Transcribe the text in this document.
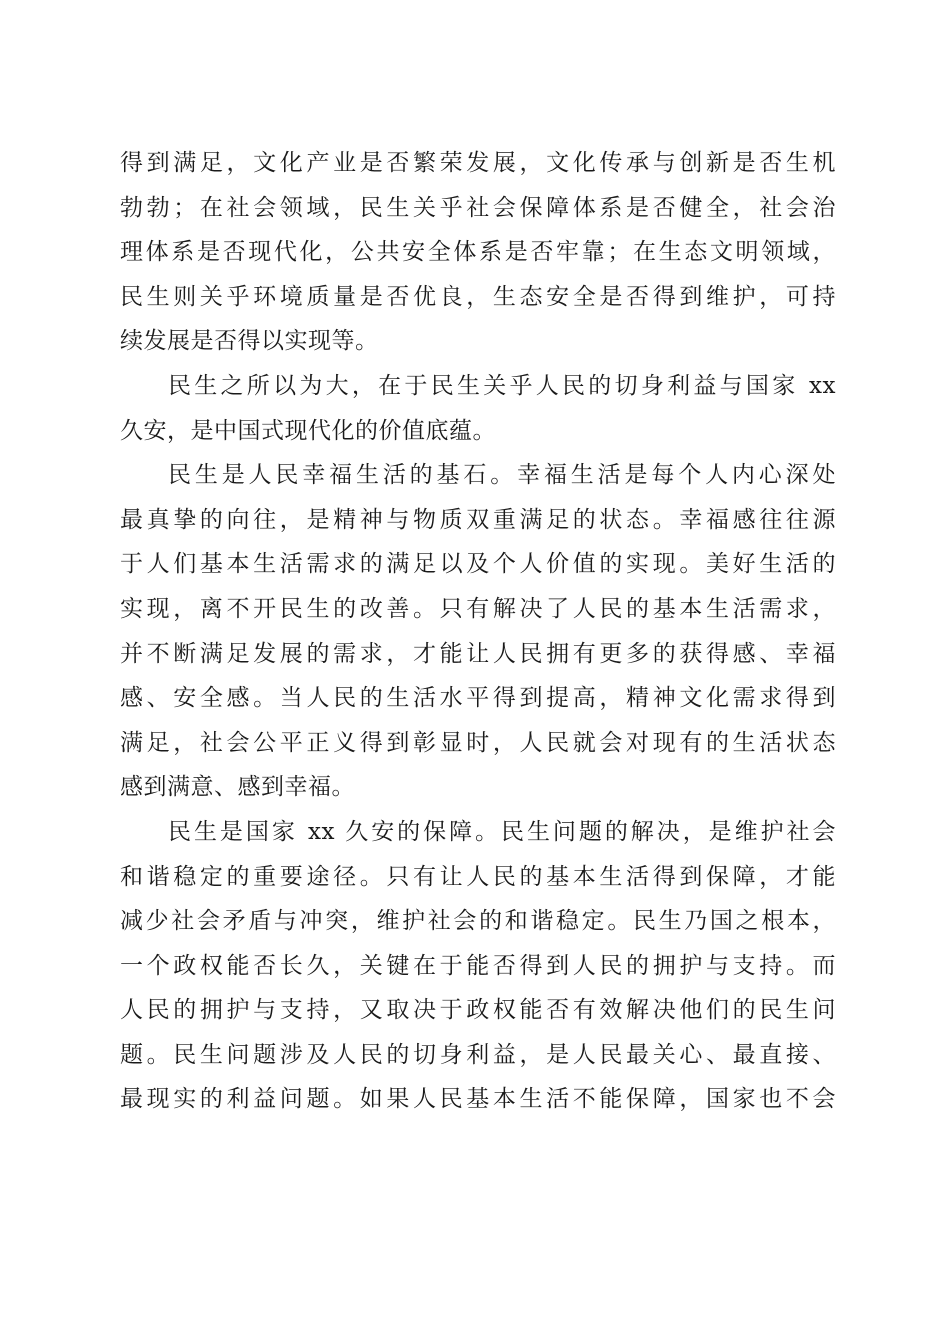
得到满足，文化产业是否繁荣发展，文化传承与创新是否生机
勃勃；在社会领域，民生关乎社会保障体系是否健全，社会治
理体系是否现代化，公共安全体系是否牢靠；在生态文明领域，
民生则关乎环境质量是否优良，生态安全是否得到维护，可持
续发展是否得以实现等。
民生之所以为大，在于民生关乎人民的切身利益与国家 xx
久安，是中国式现代化的价值底蕴。
民生是人民幸福生活的基石。幸福生活是每个人内心深处
最真挚的向往，是精神与物质双重满足的状态。幸福感往往源
于人们基本生活需求的满足以及个人价值的实现。美好生活的
实现，离不开民生的改善。只有解决了人民的基本生活需求，
并不断满足发展的需求，才能让人民拥有更多的获得感、幸福
感、安全感。当人民的生活水平得到提高，精神文化需求得到
满足，社会公平正义得到彰显时，人民就会对现有的生活状态
感到满意、感到幸福。
民生是国家 xx 久安的保障。民生问题的解决，是维护社会
和谐稳定的重要途径。只有让人民的基本生活得到保障，才能
减少社会矛盾与冲突，维护社会的和谐稳定。民生乃国之根本，
一个政权能否长久，关键在于能否得到人民的拥护与支持。而
人民的拥护与支持，又取决于政权能否有效解决他们的民生问
题。民生问题涉及人民的切身利益，是人民最关心、最直接、
最现实的利益问题。如果人民基本生活不能保障，国家也不会
